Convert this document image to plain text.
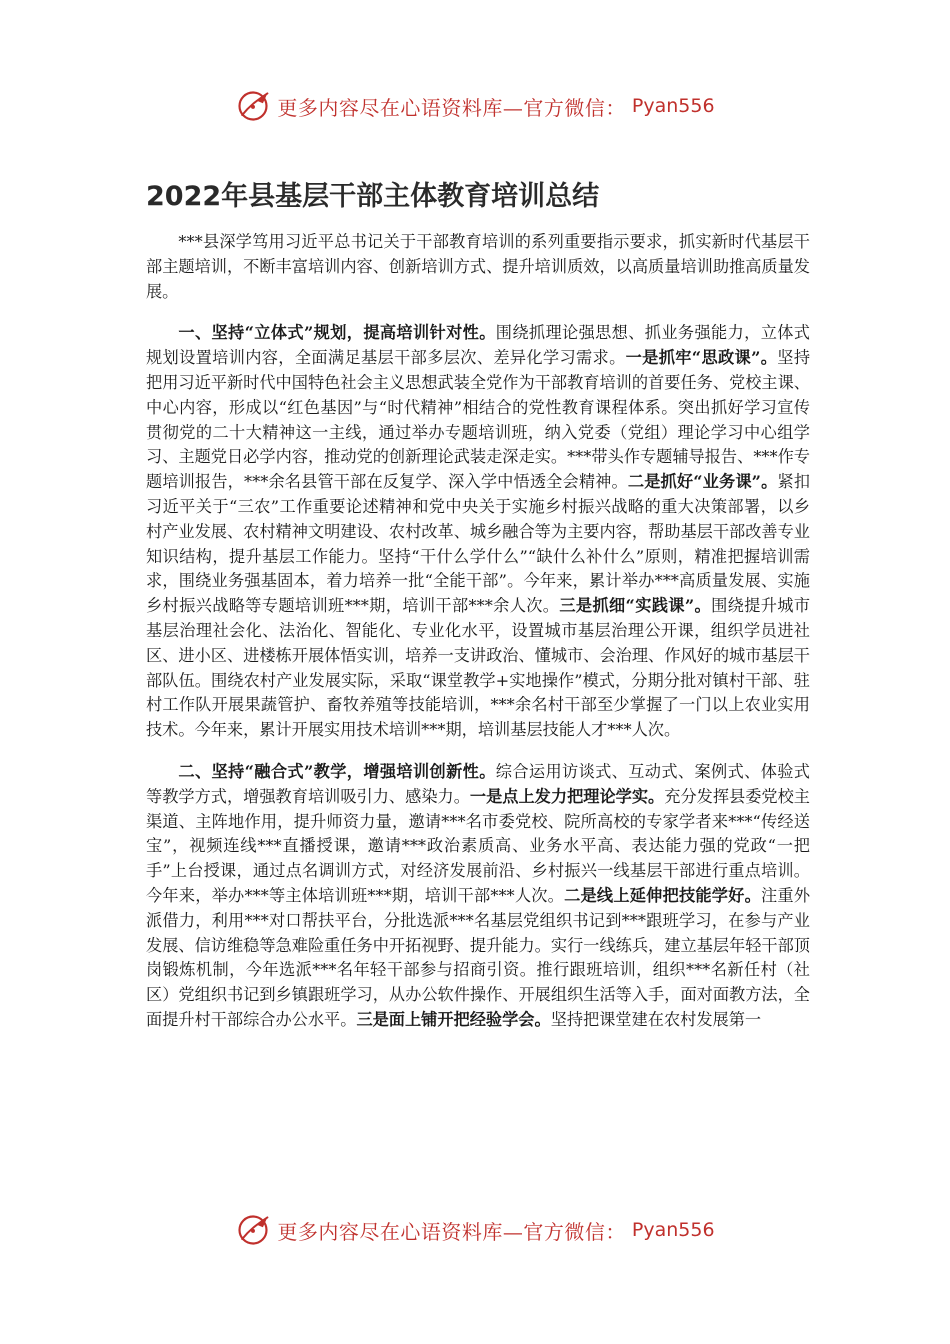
更多内容尽在心语资料库—官方微信： Pyan556
2022年县基层干部主体教育培训总结

***县深学笃用习近平总书记关于干部教育培训的系列重要指示要求，抓实新时代基层干部主题培训，不断丰富培训内容、创新培训方式、提升培训质效，以高质量培训助推高质量发展。

一、坚持“立体式”规划，提高培训针对性。围绕抓理论强思想、抓业务强能力，立体式规划设置培训内容，全面满足基层干部多层次、差异化学习需求。一是抓牢“思政课”。坚持把用习近平新时代中国特色社会主义思想武装全党作为干部教育培训的首要任务、党校主课、中心内容，形成以“红色基因”与“时代精神”相结合的党性教育课程体系。突出抓好学习宣传贯彻党的二十大精神这一主线，通过举办专题培训班，纳入党委（党组）理论学习中心组学习、主题党日必学内容，推动党的创新理论武装走深走实。***带头作专题辅导报告、***作专题培训报告，***余名县管干部在反复学、深入学中悟透全会精神。二是抓好“业务课”。紧扣习近平关于“三农”工作重要论述精神和党中央关于实施乡村振兴战略的重大决策部署，以乡村产业发展、农村精神文明建设、农村改革、城乡融合等为主要内容，帮助基层干部改善专业知识结构，提升基层工作能力。坚持“干什么学什么”“缺什么补什么”原则，精准把握培训需求，围绕业务强基固本，着力培养一批“全能干部”。今年来，累计举办***高质量发展、实施乡村振兴战略等专题培训班***期，培训干部***余人次。三是抓细“实践课”。围绕提升城市基层治理社会化、法治化、智能化、专业化水平，设置城市基层治理公开课，组织学员进社区、进小区、进楼栋开展体悟实训，培养一支讲政治、懂城市、会治理、作风好的城市基层干部队伍。围绕农村产业发展实际，采取“课堂教学+实地操作”模式，分期分批对镇村干部、驻村工作队开展果蔬管护、畜牧养殖等技能培训，***余名村干部至少掌握了一门以上农业实用技术。今年来，累计开展实用技术培训***期，培训基层技能人才***人次。

二、坚持“融合式”教学，增强培训创新性。综合运用访谈式、互动式、案例式、体验式等教学方式，增强教育培训吸引力、感染力。一是点上发力把理论学实。充分发挥县委党校主渠道、主阵地作用，提升师资力量，邀请***名市委党校、院所高校的专家学者来***“传经送宝”，视频连线***直播授课，邀请***政治素质高、业务水平高、表达能力强的党政“一把手”上台授课，通过点名调训方式，对经济发展前沿、乡村振兴一线基层干部进行重点培训。今年来，举办***等主体培训班***期，培训干部***人次。二是线上延伸把技能学好。注重外派借力，利用***对口帮扶平台，分批选派***名基层党组织书记到***跟班学习，在参与产业发展、信访维稳等急难险重任务中开拓视野、提升能力。实行一线练兵，建立基层年轻干部顶岗锻炼机制，今年选派***名年轻干部参与招商引资。推行跟班培训，组织***名新任村（社区）党组织书记到乡镇跟班学习，从办公软件操作、开展组织生活等入手，面对面教方法，全面提升村干部综合办公水平。三是面上铺开把经验学会。坚持把课堂建在农村发展第一

更多内容尽在心语资料库—官方微信： Pyan556
